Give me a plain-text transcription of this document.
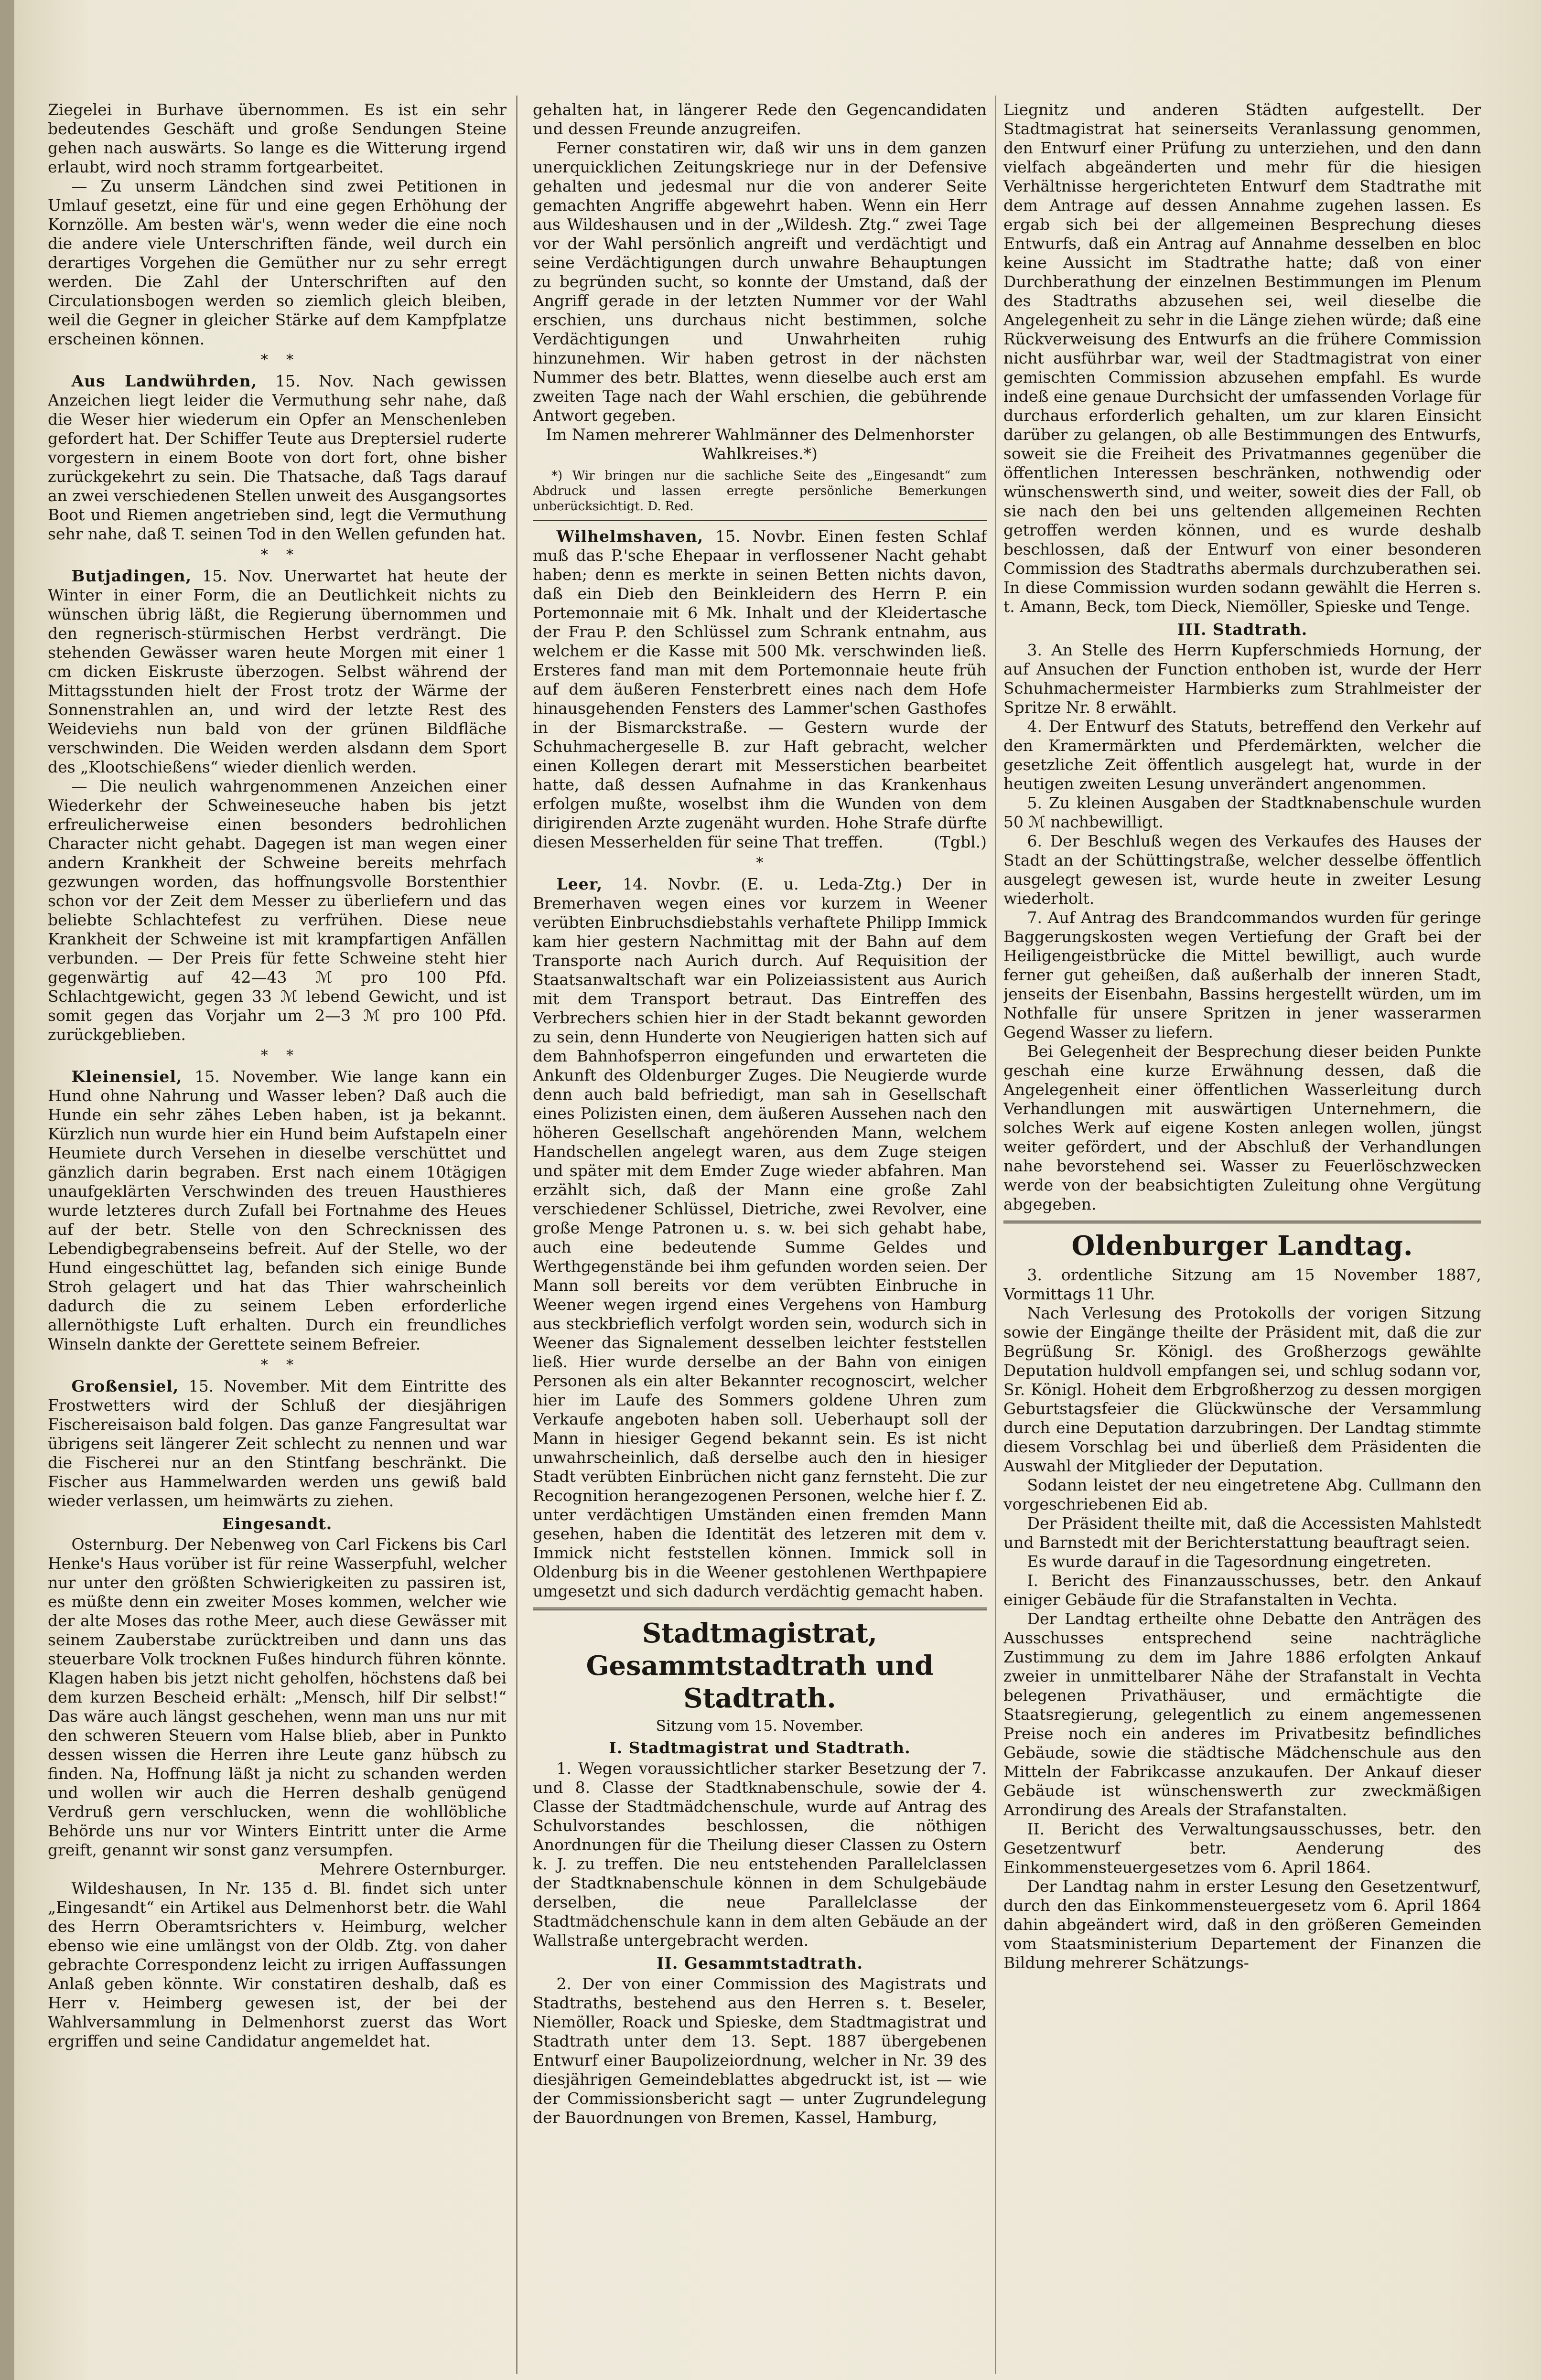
Ziegelei in Burhave übernommen. Es ist ein sehr bedeutendes Geschäft und große Sendungen Steine gehen nach auswärts. So lange es die Witterung irgend erlaubt, wird noch stramm fortgearbeitet.

— Zu unserm Ländchen sind zwei Petitionen in Umlauf gesetzt, eine für und eine gegen Erhöhung der Kornzölle. Am besten wär's, wenn weder die eine noch die andere viele Unterschriften fände, weil durch ein derartiges Vorgehen die Gemüther nur zu sehr erregt werden. Die Zahl der Unterschriften auf den Circulationsbogen werden so ziemlich gleich bleiben, weil die Gegner in gleicher Stärke auf dem Kampfplatze erscheinen können.

*    *

Aus Landwührden, 15. Nov. Nach gewissen Anzeichen liegt leider die Vermuthung sehr nahe, daß die Weser hier wiederum ein Opfer an Menschenleben gefordert hat. Der Schiffer Teute aus Dreptersiel ruderte vorgestern in einem Boote von dort fort, ohne bisher zurückgekehrt zu sein. Die Thatsache, daß Tags darauf an zwei verschiedenen Stellen unweit des Ausgangsortes Boot und Riemen angetrieben sind, legt die Vermuthung sehr nahe, daß T. seinen Tod in den Wellen gefunden hat.

*    *

Butjadingen, 15. Nov. Unerwartet hat heute der Winter in einer Form, die an Deutlichkeit nichts zu wünschen übrig läßt, die Regierung übernommen und den regnerisch-stürmischen Herbst verdrängt. Die stehenden Gewässer waren heute Morgen mit einer 1 cm dicken Eiskruste überzogen. Selbst während der Mittagsstunden hielt der Frost trotz der Wärme der Sonnenstrahlen an, und wird der letzte Rest des Weideviehs nun bald von der grünen Bildfläche verschwinden. Die Weiden werden alsdann dem Sport des „Klootschießens“ wieder dienlich werden.

— Die neulich wahrgenommenen Anzeichen einer Wiederkehr der Schweineseuche haben bis jetzt erfreulicherweise einen besonders bedrohlichen Character nicht gehabt. Dagegen ist man wegen einer andern Krankheit der Schweine bereits mehrfach gezwungen worden, das hoffnungsvolle Borstenthier schon vor der Zeit dem Messer zu überliefern und das beliebte Schlachtefest zu verfrühen. Diese neue Krankheit der Schweine ist mit krampfartigen Anfällen verbunden. — Der Preis für fette Schweine steht hier gegenwärtig auf 42—43 ℳ pro 100 Pfd. Schlachtgewicht, gegen 33 ℳ lebend Gewicht, und ist somit gegen das Vorjahr um 2—3 ℳ pro 100 Pfd. zurückgeblieben.

*    *

Kleinensiel, 15. November. Wie lange kann ein Hund ohne Nahrung und Wasser leben? Daß auch die Hunde ein sehr zähes Leben haben, ist ja bekannt. Kürzlich nun wurde hier ein Hund beim Aufstapeln einer Heumiete durch Versehen in dieselbe verschüttet und gänzlich darin begraben. Erst nach einem 10tägigen unaufgeklärten Verschwinden des treuen Hausthieres wurde letzteres durch Zufall bei Fortnahme des Heues auf der betr. Stelle von den Schrecknissen des Lebendigbegrabenseins befreit. Auf der Stelle, wo der Hund eingeschüttet lag, befanden sich einige Bunde Stroh gelagert und hat das Thier wahrscheinlich dadurch die zu seinem Leben erforderliche allernöthigste Luft erhalten. Durch ein freundliches Winseln dankte der Gerettete seinem Befreier.

*    *

Großensiel, 15. November. Mit dem Eintritte des Frostwetters wird der Schluß der diesjährigen Fischereisaison bald folgen. Das ganze Fangresultat war übrigens seit längerer Zeit schlecht zu nennen und war die Fischerei nur an den Stintfang beschränkt. Die Fischer aus Hammelwarden werden uns gewiß bald wieder verlassen, um heimwärts zu ziehen.

Eingesandt.

Osternburg. Der Nebenweg von Carl Fickens bis Carl Henke's Haus vorüber ist für reine Wasserpfuhl, welcher nur unter den größten Schwierigkeiten zu passiren ist, es müßte denn ein zweiter Moses kommen, welcher wie der alte Moses das rothe Meer, auch diese Gewässer mit seinem Zauberstabe zurücktreiben und dann uns das steuerbare Volk trocknen Fußes hindurch führen könnte. Klagen haben bis jetzt nicht geholfen, höchstens daß bei dem kurzen Bescheid erhält: „Mensch, hilf Dir selbst!“ Das wäre auch längst geschehen, wenn man uns nur mit den schweren Steuern vom Halse blieb, aber in Punkto dessen wissen die Herren ihre Leute ganz hübsch zu finden. Na, Hoffnung läßt ja nicht zu schanden werden und wollen wir auch die Herren deshalb genügend Verdruß gern verschlucken, wenn die wohllöbliche Behörde uns nur vor Winters Eintritt unter die Arme greift, genannt wir sonst ganz versumpfen.

Mehrere Osternburger.

Wildeshausen, In Nr. 135 d. Bl. findet sich unter „Eingesandt“ ein Artikel aus Delmenhorst betr. die Wahl des Herrn Oberamtsrichters v. Heimburg, welcher ebenso wie eine umlängst von der Oldb. Ztg. von daher gebrachte Correspondenz leicht zu irrigen Auffassungen Anlaß geben könnte. Wir constatiren deshalb, daß es Herr v. Heimberg gewesen ist, der bei der Wahlversammlung in Delmenhorst zuerst das Wort ergriffen und seine Candidatur angemeldet hat.

gehalten hat, in längerer Rede den Gegencandidaten und dessen Freunde anzugreifen.

Ferner constatiren wir, daß wir uns in dem ganzen unerquicklichen Zeitungskriege nur in der Defensive gehalten und jedesmal nur die von anderer Seite gemachten Angriffe abgewehrt haben. Wenn ein Herr aus Wildeshausen und in der „Wildesh. Ztg.“ zwei Tage vor der Wahl persönlich angreift und verdächtigt und seine Verdächtigungen durch unwahre Behauptungen zu begründen sucht, so konnte der Umstand, daß der Angriff gerade in der letzten Nummer vor der Wahl erschien, uns durchaus nicht bestimmen, solche Verdächtigungen und Unwahrheiten ruhig hinzunehmen. Wir haben getrost in der nächsten Nummer des betr. Blattes, wenn dieselbe auch erst am zweiten Tage nach der Wahl erschien, die gebührende Antwort gegeben.

Im Namen mehrerer Wahlmänner des Delmenhorster Wahlkreises.*)
*) Wir bringen nur die sachliche Seite des „Eingesandt“ zum Abdruck und lassen erregte persönliche Bemerkungen unberücksichtigt. D. Red.

Wilhelmshaven, 15. Novbr. Einen festen Schlaf muß das P.'sche Ehepaar in verflossener Nacht gehabt haben; denn es merkte in seinen Betten nichts davon, daß ein Dieb den Beinkleidern des Herrn P. ein Portemonnaie mit 6 Mk. Inhalt und der Kleidertasche der Frau P. den Schlüssel zum Schrank entnahm, aus welchem er die Kasse mit 500 Mk. verschwinden ließ. Ersteres fand man mit dem Portemonnaie heute früh auf dem äußeren Fensterbrett eines nach dem Hofe hinausgehenden Fensters des Lammer'schen Gasthofes in der Bismarckstraße. — Gestern wurde der Schuhmachergeselle B. zur Haft gebracht, welcher einen Kollegen derart mit Messerstichen bearbeitet hatte, daß dessen Aufnahme in das Krankenhaus erfolgen mußte, woselbst ihm die Wunden von dem dirigirenden Arzte zugenäht wurden. Hohe Strafe dürfte diesen Messerhelden für seine That treffen.	(Tgbl.)

*

Leer, 14. Novbr. (E. u. Leda-Ztg.) Der in Bremerhaven wegen eines vor kurzem in Weener verübten Einbruchsdiebstahls verhaftete Philipp Immick kam hier gestern Nachmittag mit der Bahn auf dem Transporte nach Aurich durch. Auf Requisition der Staatsanwaltschaft war ein Polizeiassistent aus Aurich mit dem Transport betraut. Das Eintreffen des Verbrechers schien hier in der Stadt bekannt geworden zu sein, denn Hunderte von Neugierigen hatten sich auf dem Bahnhofsperron eingefunden und erwarteten die Ankunft des Oldenburger Zuges. Die Neugierde wurde denn auch bald befriedigt, man sah in Gesellschaft eines Polizisten einen, dem äußeren Aussehen nach den höheren Gesellschaft angehörenden Mann, welchem Handschellen angelegt waren, aus dem Zuge steigen und später mit dem Emder Zuge wieder abfahren. Man erzählt sich, daß der Mann eine große Zahl verschiedener Schlüssel, Dietriche, zwei Revolver, eine große Menge Patronen u. s. w. bei sich gehabt habe, auch eine bedeutende Summe Geldes und Werthgegenstände bei ihm gefunden worden seien. Der Mann soll bereits vor dem verübten Einbruche in Weener wegen irgend eines Vergehens von Hamburg aus steckbrieflich verfolgt worden sein, wodurch sich in Weener das Signalement desselben leichter feststellen ließ. Hier wurde derselbe an der Bahn von einigen Personen als ein alter Bekannter recognoscirt, welcher hier im Laufe des Sommers goldene Uhren zum Verkaufe angeboten haben soll. Ueberhaupt soll der Mann in hiesiger Gegend bekannt sein. Es ist nicht unwahrscheinlich, daß derselbe auch den in hiesiger Stadt verübten Einbrüchen nicht ganz fernsteht. Die zur Recognition herangezogenen Personen, welche hier f. Z. unter verdächtigen Umständen einen fremden Mann gesehen, haben die Identität des letzeren mit dem v. Immick nicht feststellen können. Immick soll in Oldenburg bis in die Weener gestohlenen Werthpapiere umgesetzt und sich dadurch verdächtig gemacht haben.

Stadtmagistrat, Gesammtstadtrath und Stadtrath.
Sitzung vom 15. November.
I. Stadtmagistrat und Stadtrath.

1. Wegen voraussichtlicher starker Besetzung der 7. und 8. Classe der Stadtknabenschule, sowie der 4. Classe der Stadtmädchenschule, wurde auf Antrag des Schulvorstandes beschlossen, die nöthigen Anordnungen für die Theilung dieser Classen zu Ostern k. J. zu treffen. Die neu entstehenden Parallelclassen der Stadtknabenschule können in dem Schulgebäude derselben, die neue Parallelclasse der Stadtmädchenschule kann in dem alten Gebäude an der Wallstraße untergebracht werden.

II. Gesammtstadtrath.

2. Der von einer Commission des Magistrats und Stadtraths, bestehend aus den Herren s. t. Beseler, Niemöller, Roack und Spieske, dem Stadtmagistrat und Stadtrath unter dem 13. Sept. 1887 übergebenen Entwurf einer Baupolizeiordnung, welcher in Nr. 39 des diesjährigen Gemeindeblattes abgedruckt ist, ist — wie der Commissionsbericht sagt — unter Zugrundelegung der Bauordnungen von Bremen, Kassel, Hamburg,

Liegnitz und anderen Städten aufgestellt. Der Stadtmagistrat hat seinerseits Veranlassung genommen, den Entwurf einer Prüfung zu unterziehen, und den dann vielfach abgeänderten und mehr für die hiesigen Verhältnisse hergerichteten Entwurf dem Stadtrathe mit dem Antrage auf dessen Annahme zugehen lassen. Es ergab sich bei der allgemeinen Besprechung dieses Entwurfs, daß ein Antrag auf Annahme desselben en bloc keine Aussicht im Stadtrathe hatte; daß von einer Durchberathung der einzelnen Bestimmungen im Plenum des Stadtraths abzusehen sei, weil dieselbe die Angelegenheit zu sehr in die Länge ziehen würde; daß eine Rückverweisung des Entwurfs an die frühere Commission nicht ausführbar war, weil der Stadtmagistrat von einer gemischten Commission abzusehen empfahl. Es wurde indeß eine genaue Durchsicht der umfassenden Vorlage für durchaus erforderlich gehalten, um zur klaren Einsicht darüber zu gelangen, ob alle Bestimmungen des Entwurfs, soweit sie die Freiheit des Privatmannes gegenüber die öffentlichen Interessen beschränken, nothwendig oder wünschenswerth sind, und weiter, soweit dies der Fall, ob sie nach den bei uns geltenden allgemeinen Rechten getroffen werden können, und es wurde deshalb beschlossen, daß der Entwurf von einer besonderen Commission des Stadtraths abermals durchzuberathen sei. In diese Commission wurden sodann gewählt die Herren s. t. Amann, Beck, tom Dieck, Niemöller, Spieske und Tenge.

III. Stadtrath.

3. An Stelle des Herrn Kupferschmieds Hornung, der auf Ansuchen der Function enthoben ist, wurde der Herr Schuhmachermeister Harmbierks zum Strahlmeister der Spritze Nr. 8 erwählt.

4. Der Entwurf des Statuts, betreffend den Verkehr auf den Kramermärkten und Pferdemärkten, welcher die gesetzliche Zeit öffentlich ausgelegt hat, wurde in der heutigen zweiten Lesung unverändert angenommen.

5. Zu kleinen Ausgaben der Stadtknabenschule wurden 50 ℳ nachbewilligt.

6. Der Beschluß wegen des Verkaufes des Hauses der Stadt an der Schüttingstraße, welcher desselbe öffentlich ausgelegt gewesen ist, wurde heute in zweiter Lesung wiederholt.

7. Auf Antrag des Brandcommandos wurden für geringe Baggerungskosten wegen Vertiefung der Graft bei der Heiligengeistbrücke die Mittel bewilligt, auch wurde ferner gut geheißen, daß außerhalb der inneren Stadt, jenseits der Eisenbahn, Bassins hergestellt würden, um im Nothfalle für unsere Spritzen in jener wasserarmen Gegend Wasser zu liefern.

Bei Gelegenheit der Besprechung dieser beiden Punkte geschah eine kurze Erwähnung dessen, daß die Angelegenheit einer öffentlichen Wasserleitung durch Verhandlungen mit auswärtigen Unternehmern, die solches Werk auf eigene Kosten anlegen wollen, jüngst weiter gefördert, und der Abschluß der Verhandlungen nahe bevorstehend sei. Wasser zu Feuerlöschzwecken werde von der beabsichtigten Zuleitung ohne Vergütung abgegeben.

Oldenburger Landtag.

3. ordentliche Sitzung am 15 November 1887, Vormittags 11 Uhr.

Nach Verlesung des Protokolls der vorigen Sitzung sowie der Eingänge theilte der Präsident mit, daß die zur Begrüßung Sr. Königl. des Großherzogs gewählte Deputation huldvoll empfangen sei, und schlug sodann vor, Sr. Königl. Hoheit dem Erbgroßherzog zu dessen morgigen Geburtstagsfeier die Glückwünsche der Versammlung durch eine Deputation darzubringen. Der Landtag stimmte diesem Vorschlag bei und überließ dem Präsidenten die Auswahl der Mitglieder der Deputation.

Sodann leistet der neu eingetretene Abg. Cullmann den vorgeschriebenen Eid ab.

Der Präsident theilte mit, daß die Accessisten Mahlstedt und Barnstedt mit der Berichterstattung beauftragt seien.

Es wurde darauf in die Tagesordnung eingetreten.

I. Bericht des Finanzausschusses, betr. den Ankauf einiger Gebäude für die Strafanstalten in Vechta.

Der Landtag ertheilte ohne Debatte den Anträgen des Ausschusses entsprechend seine nachträgliche Zustimmung zu dem im Jahre 1886 erfolgten Ankauf zweier in unmittelbarer Nähe der Strafanstalt in Vechta belegenen Privathäuser, und ermächtigte die Staatsregierung, gelegentlich zu einem angemessenen Preise noch ein anderes im Privatbesitz befindliches Gebäude, sowie die städtische Mädchenschule aus den Mitteln der Fabrikcasse anzukaufen. Der Ankauf dieser Gebäude ist wünschenswerth zur zweckmäßigen Arrondirung des Areals der Strafanstalten.

II. Bericht des Verwaltungsausschusses, betr. den Gesetzentwurf betr. Aenderung des Einkommensteuergesetzes vom 6. April 1864.

Der Landtag nahm in erster Lesung den Gesetzentwurf, durch den das Einkommensteuergesetz vom 6. April 1864 dahin abgeändert wird, daß in den größeren Gemeinden vom Staatsministerium Departement der Finanzen die Bildung mehrerer Schätzungs-
